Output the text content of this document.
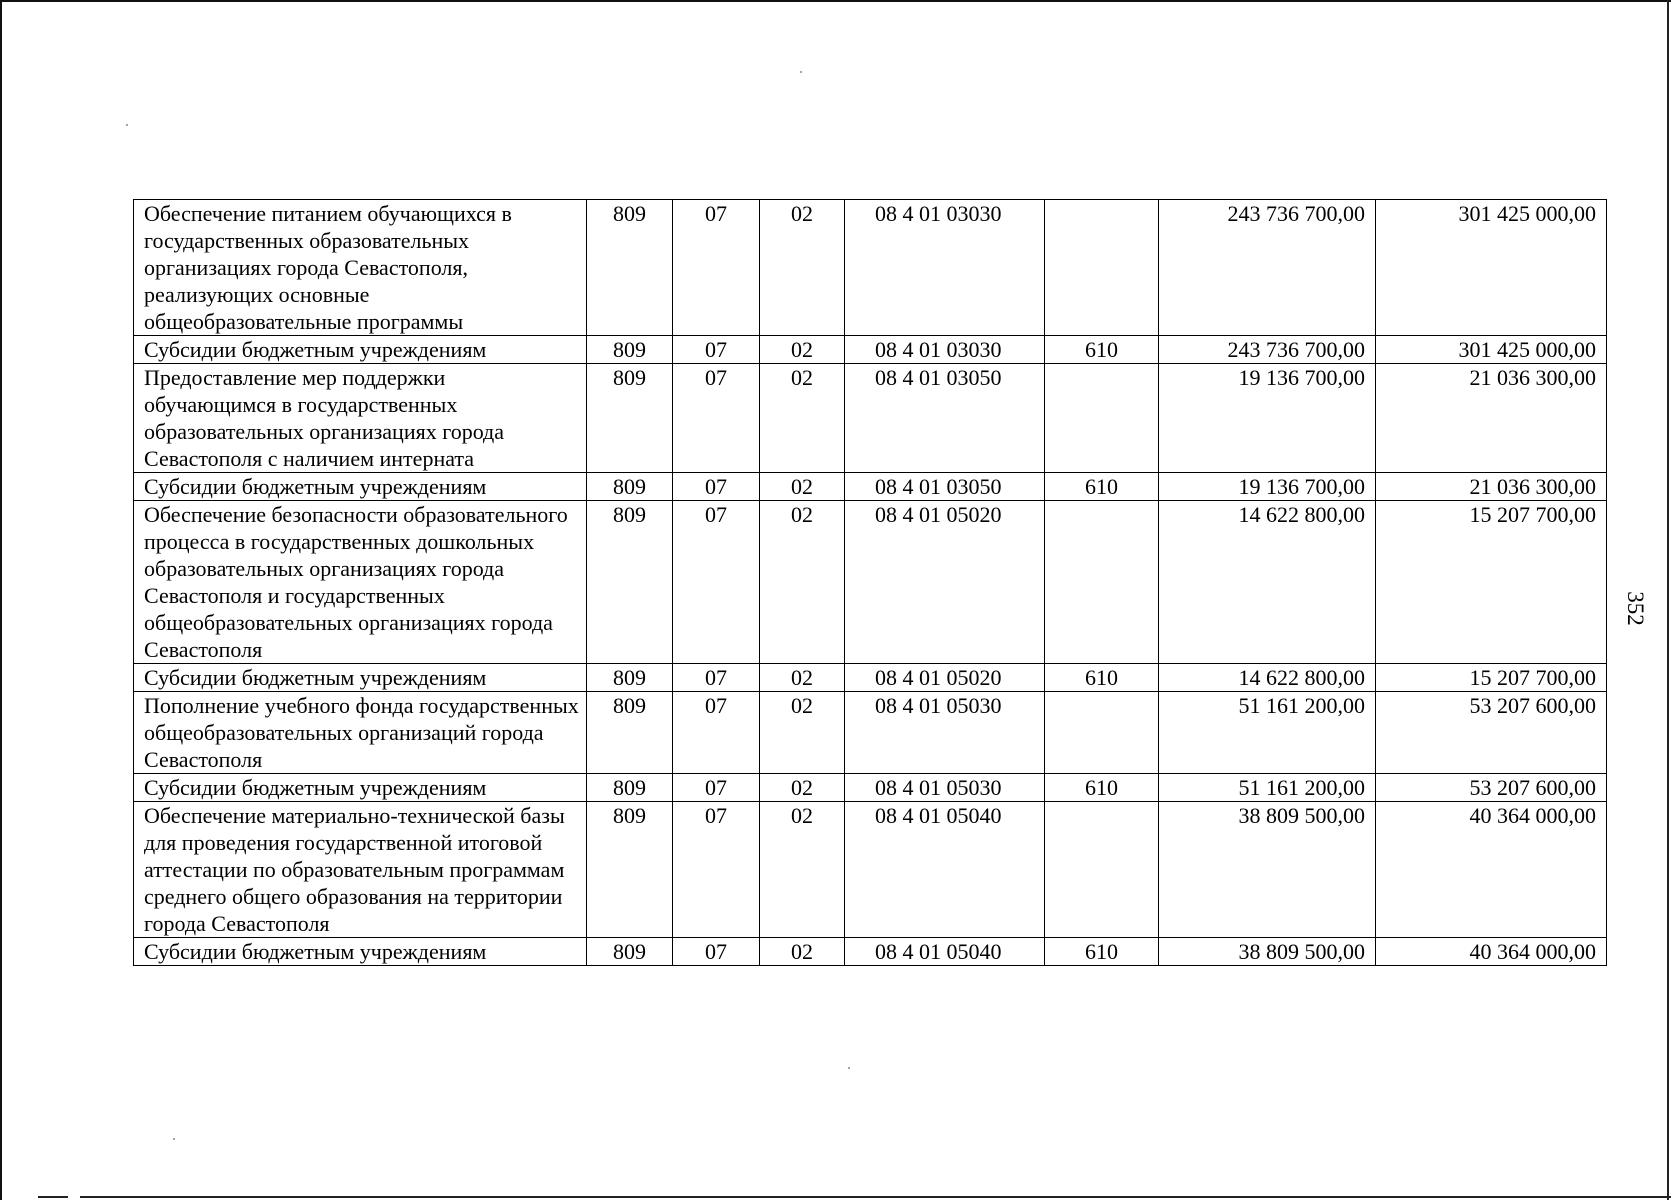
352
Обеспечение питанием обучающихся в государственных образовательных организациях города Севастополя, реализующих основные общеобразовательные программы	809	07	02	08 4 01 03030		243 736 700,00	301 425 000,00
Субсидии бюджетным учреждениям	809	07	02	08 4 01 03030	610	243 736 700,00	301 425 000,00
Предоставление мер поддержки обучающимся в государственных образовательных организациях города Севастополя с наличием интерната	809	07	02	08 4 01 03050		19 136 700,00	21 036 300,00
Субсидии бюджетным учреждениям	809	07	02	08 4 01 03050	610	19 136 700,00	21 036 300,00
Обеспечение безопасности образовательного процесса в государственных дошкольных образовательных организациях города Севастополя и государственных общеобразовательных организациях города Севастополя	809	07	02	08 4 01 05020		14 622 800,00	15 207 700,00
Субсидии бюджетным учреждениям	809	07	02	08 4 01 05020	610	14 622 800,00	15 207 700,00
Пополнение учебного фонда государственных общеобразовательных организаций города Севастополя	809	07	02	08 4 01 05030		51 161 200,00	53 207 600,00
Субсидии бюджетным учреждениям	809	07	02	08 4 01 05030	610	51 161 200,00	53 207 600,00
Обеспечение материально-технической базы для проведения государственной итоговой аттестации по образовательным программам среднего общего образования на территории города Севастополя	809	07	02	08 4 01 05040		38 809 500,00	40 364 000,00
Субсидии бюджетным учреждениям	809	07	02	08 4 01 05040	610	38 809 500,00	40 364 000,00
